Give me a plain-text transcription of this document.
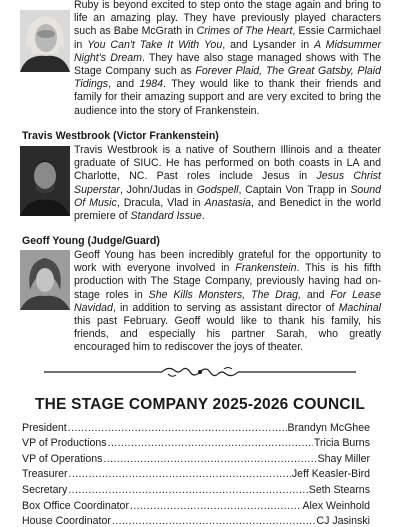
Ruby is beyond excited to step onto the stage again and bring to life an amazing play. They have previously played characters such as Babe McGrath in Crimes of The Heart, Essie Carmichael in You Can't Take It With You, and Lysander in A Midsummer Night's Dream. They have also stage managed shows with The Stage Company such as Forever Plaid, The Great Gatsby, Plaid Tidings, and 1984. They would like to thank their friends and family for their amazing support and are very excited to bring the audience into the story of Frankenstein.

Travis Westbrook (Victor Frankenstein)

Travis Westbrook is a native of Southern Illinois and a theater graduate of SIUC. He has performed on both coasts in LA and Charlotte, NC. Past roles include Jesus in Jesus Christ Superstar, John/Judas in Godspell, Captain Von Trapp in Sound Of Music, Dracula, Vlad in Anastasia, and Benedict in the world premiere of Standard Issue.

Geoff Young (Judge/Guard)

Geoff Young has been incredibly grateful for the opportunity to work with everyone involved in Frankenstein. This is his fifth production with The Stage Company, previously having had on-stage roles in She Kills Monsters, The Drag, and For Lease Navidad, in addition to serving as assistant director of Machinal this past February. Geoff would like to thank his family, his friends, and especially his partner Sarah, who greatly encouraged him to rediscover the joys of theater.

THE STAGE COMPANY 2025-2026 COUNCIL
President .....	Brandyn McGhee
VP of Productions .....	Tricia Burns
VP of Operations .....	Shay Miller
Treasurer .....	Jeff Keasler-Bird
Secretary .....	Seth Stearns
Box Office Coordinator .....	Alex Weinhold
House Coordinator .....	CJ Jasinski
